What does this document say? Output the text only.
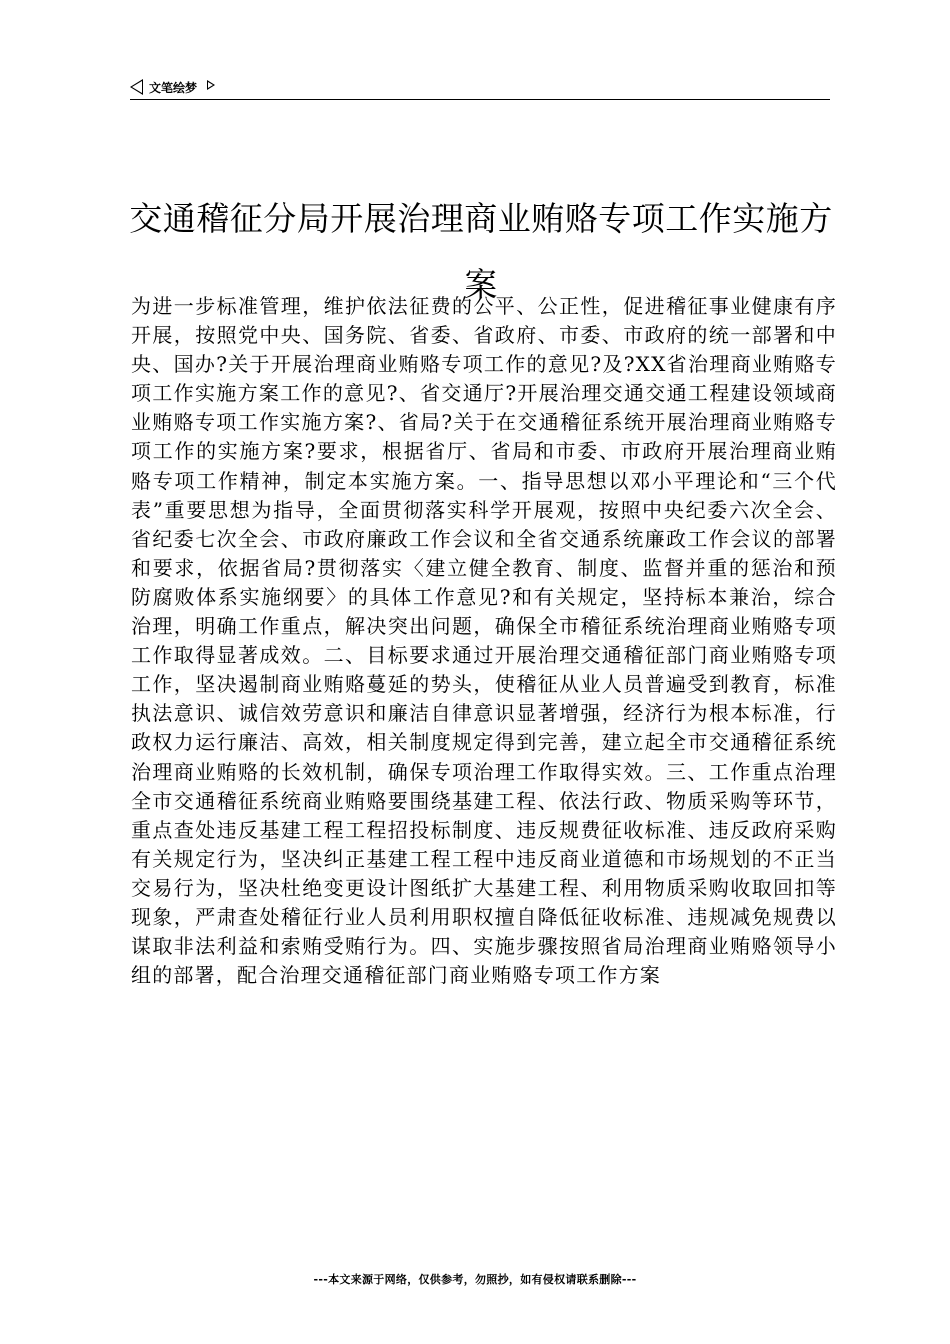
文笔绘梦
交通稽征分局开展治理商业贿赂专项工作实施方案
为进一步标准管理，维护依法征费的公平、公正性，促进稽征事业健康有序开展，按照党中央、国务院、省委、省政府、市委、市政府的统一部署和中央、国办?关于开展治理商业贿赂专项工作的意见?及?XX省治理商业贿赂专项工作实施方案工作的意见?、省交通厅?开展治理交通交通工程建设领域商业贿赂专项工作实施方案?、省局?关于在交通稽征系统开展治理商业贿赂专项工作的实施方案?要求，根据省厅、省局和市委、市政府开展治理商业贿赂专项工作精神，制定本实施方案。一、指导思想以邓小平理论和“三个代表”重要思想为指导，全面贯彻落实科学开展观，按照中央纪委六次全会、省纪委七次全会、市政府廉政工作会议和全省交通系统廉政工作会议的部署和要求，依据省局?贯彻落实〈建立健全教育、制度、监督并重的惩治和预防腐败体系实施纲要〉的具体工作意见?和有关规定，坚持标本兼治，综合治理，明确工作重点，解决突出问题，确保全市稽征系统治理商业贿赂专项工作取得显著成效。二、目标要求通过开展治理交通稽征部门商业贿赂专项工作，坚决遏制商业贿赂蔓延的势头，使稽征从业人员普遍受到教育，标准执法意识、诚信效劳意识和廉洁自律意识显著增强，经济行为根本标准，行政权力运行廉洁、高效，相关制度规定得到完善，建立起全市交通稽征系统治理商业贿赂的长效机制，确保专项治理工作取得实效。三、工作重点治理全市交通稽征系统商业贿赂要围绕基建工程、依法行政、物质采购等环节，重点查处违反基建工程工程招投标制度、违反规费征收标准、违反政府采购有关规定行为，坚决纠正基建工程工程中违反商业道德和市场规划的不正当交易行为，坚决杜绝变更设计图纸扩大基建工程、利用物质采购收取回扣等现象，严肃查处稽征行业人员利用职权擅自降低征收标准、违规减免规费以谋取非法利益和索贿受贿行为。四、实施步骤按照省局治理商业贿赂领导小组的部署，配合治理交通稽征部门商业贿赂专项工作方案
---本文来源于网络，仅供参考，勿照抄，如有侵权请联系删除---
